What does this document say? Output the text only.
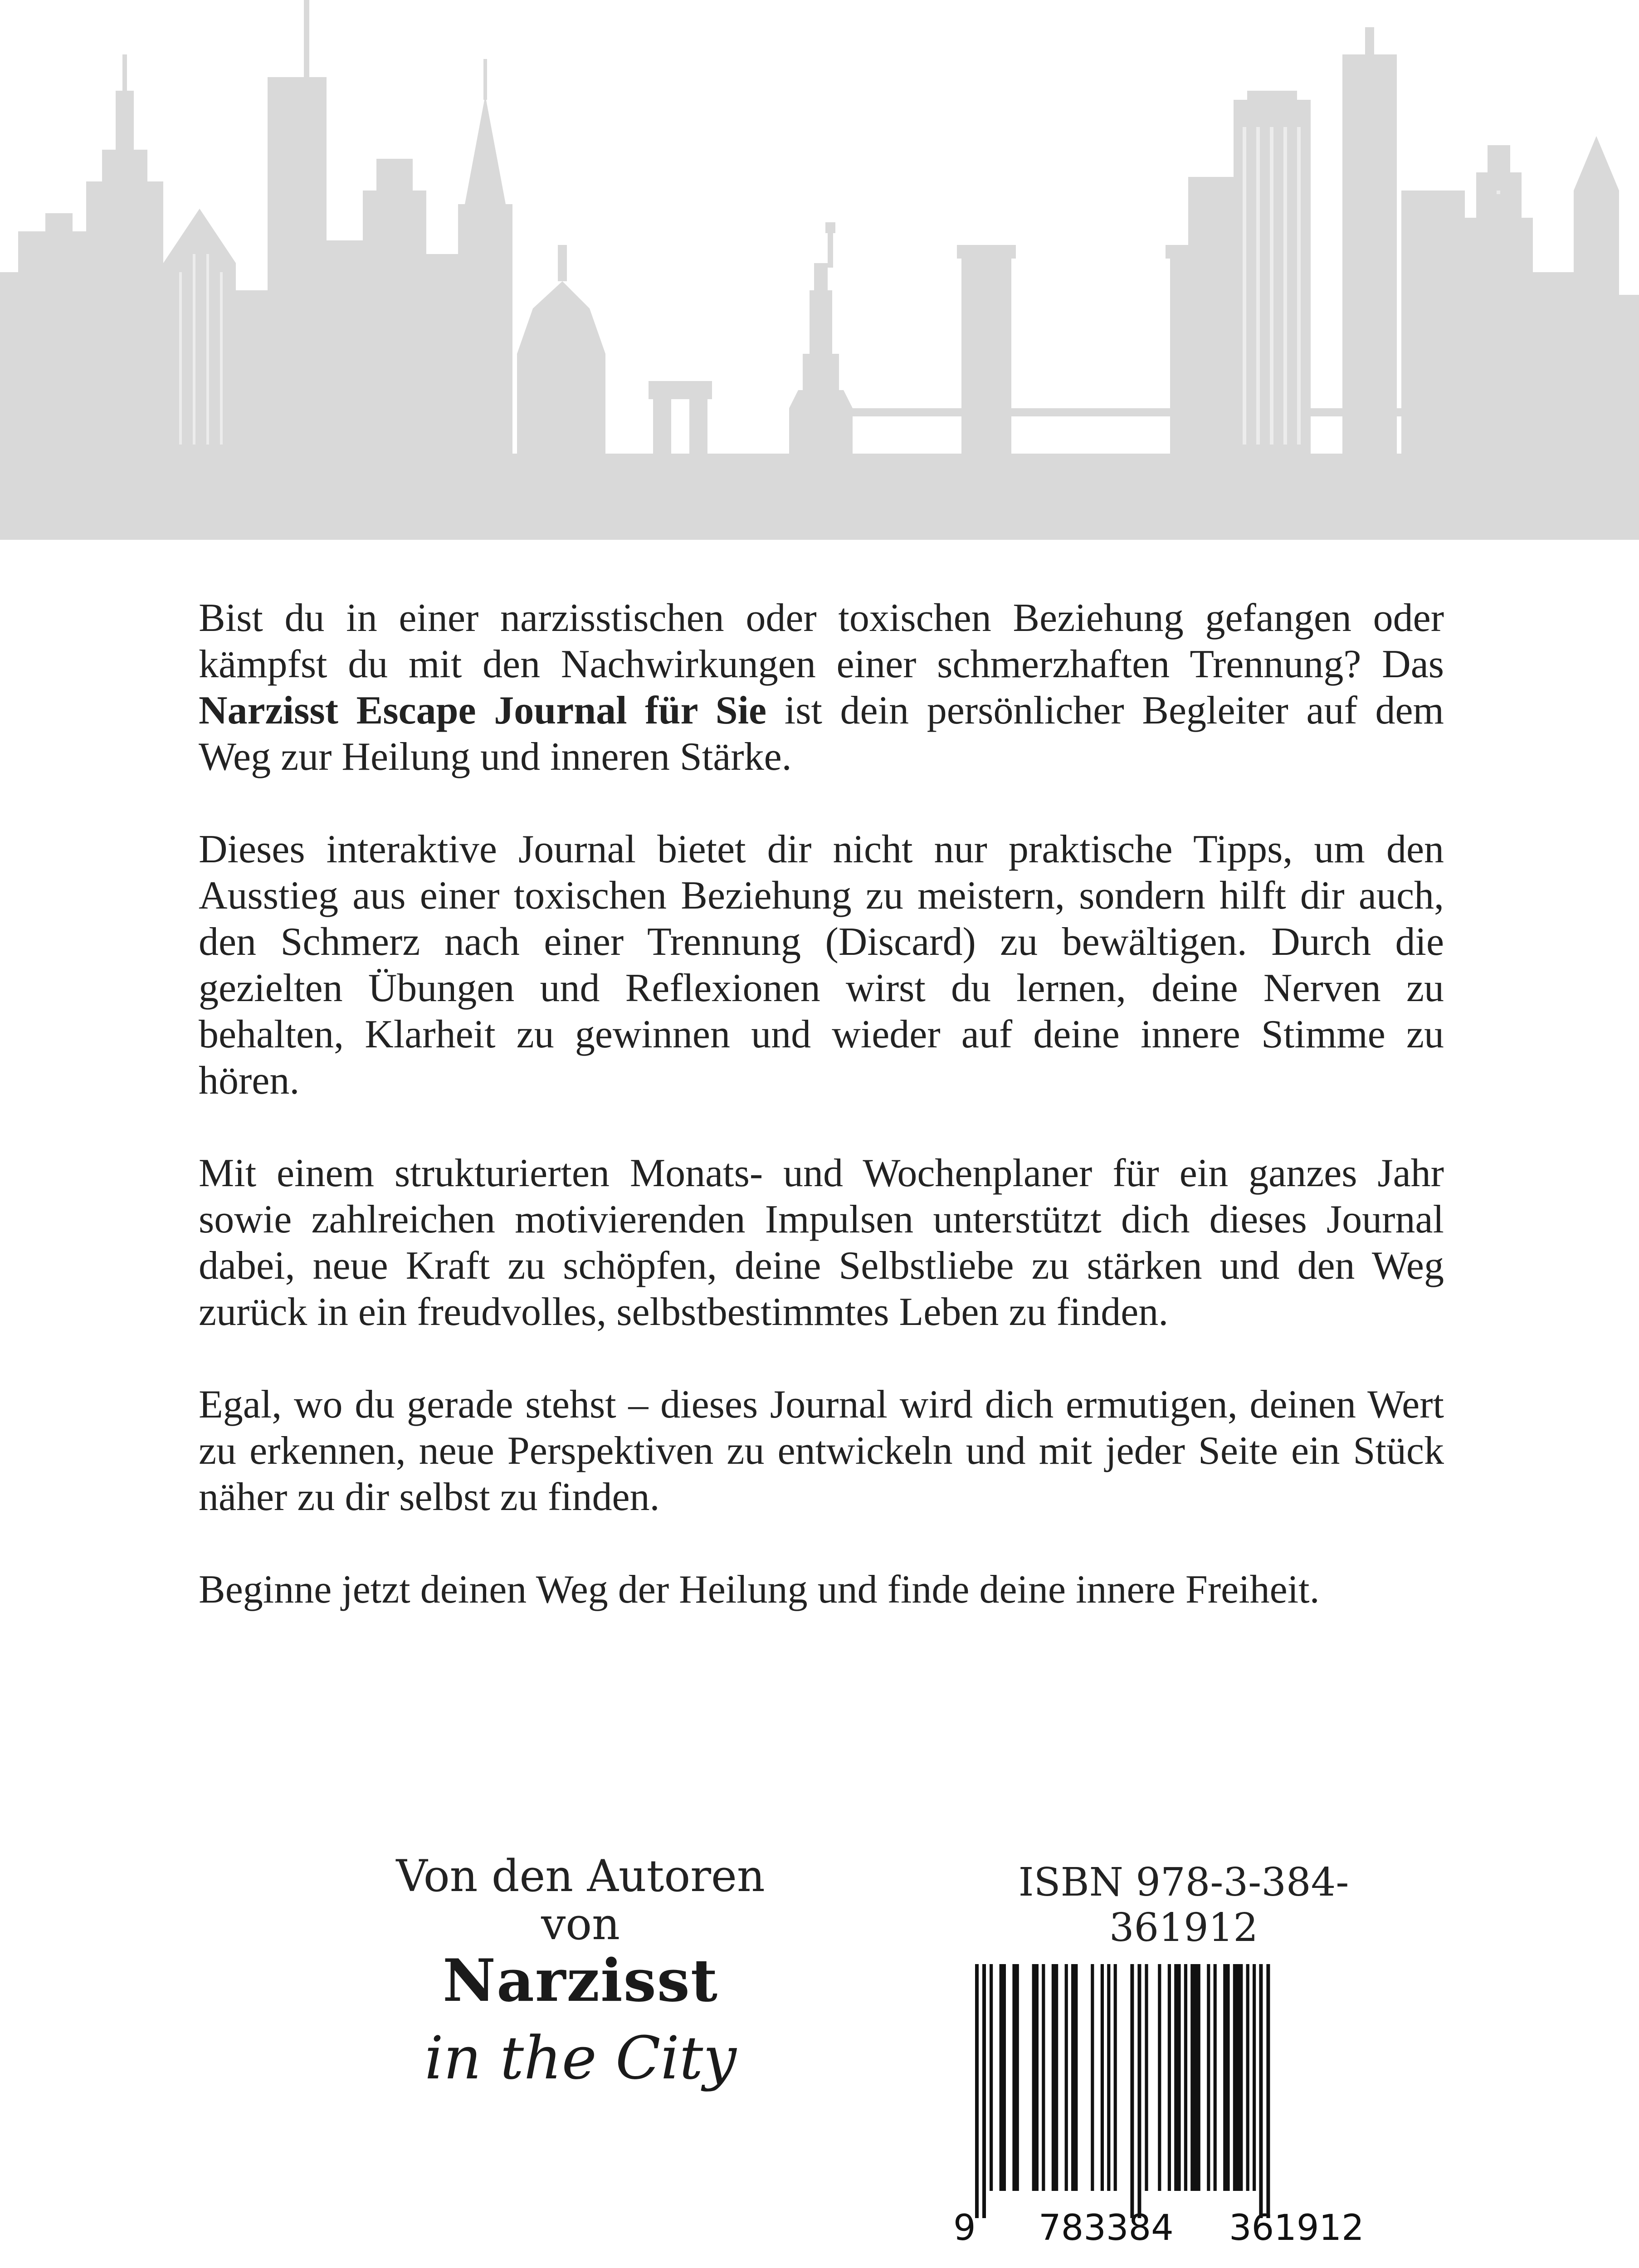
Bist du in einer narzisstischen oder toxischen Beziehung gefangen oder kämpfst du mit den Nachwirkungen einer schmerzhaften Trennung? Das Narzisst Escape Journal für Sie ist dein persönlicher Begleiter auf dem Weg zur Heilung und inneren Stärke.

Dieses interaktive Journal bietet dir nicht nur praktische Tipps, um den Ausstieg aus einer toxischen Beziehung zu meistern, sondern hilft dir auch, den Schmerz nach einer Trennung (Discard) zu bewältigen. Durch die gezielten Übungen und Reflexionen wirst du lernen, deine Nerven zu behalten, Klarheit zu gewinnen und wieder auf deine innere Stimme zu hören.

Mit einem strukturierten Monats- und Wochenplaner für ein ganzes Jahr sowie zahlreichen motivierenden Impulsen unterstützt dich dieses Journal dabei, neue Kraft zu schöpfen, deine Selbstliebe zu stärken und den Weg zurück in ein freudvolles, selbstbestimmtes Leben zu finden.

Egal, wo du gerade stehst – dieses Journal wird dich ermutigen, deinen Wert zu erkennen, neue Perspektiven zu entwickeln und mit jeder Seite ein Stück näher zu dir selbst zu finden.

Beginne jetzt deinen Weg der Heilung und finde deine innere Freiheit.

Von den Autoren
von
Narzisst
in the City
ISBN 978-3-384-361912
9 783384 361912
